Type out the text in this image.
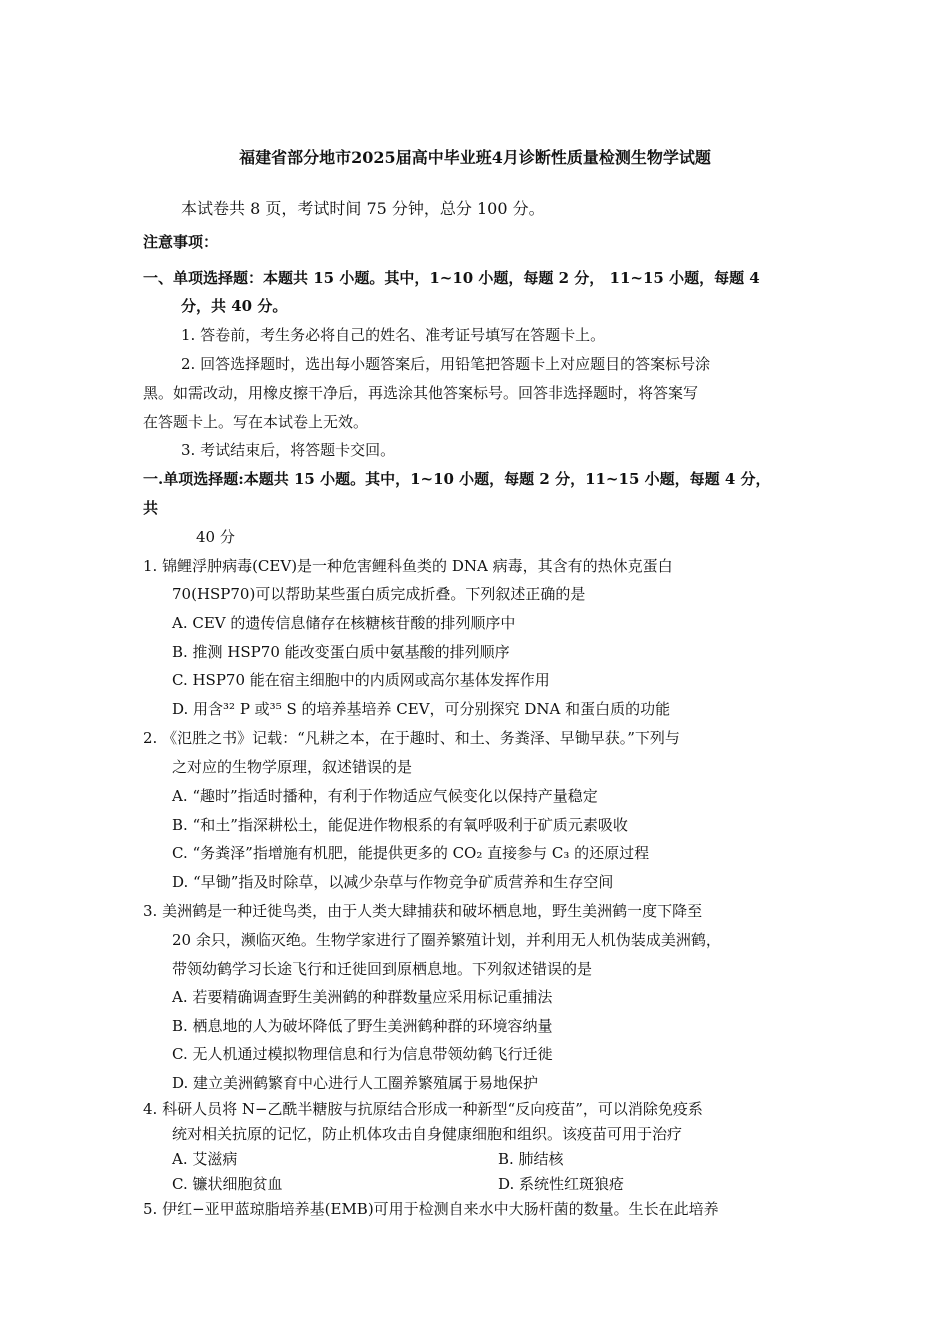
福建省部分地市2025届高中毕业班4月诊断性质量检测生物学试题
本试卷共 8 页，考试时间 75 分钟，总分 100 分。
注意事项：
一、单项选择题：本题共 15 小题。其中，1~10 小题，每题 2 分， 11~15 小题，每题 4
分，共 40 分。
1. 答卷前，考生务必将自己的姓名、准考证号填写在答题卡上。
2. 回答选择题时，选出每小题答案后，用铅笔把答题卡上对应题目的答案标号涂
黑。如需改动，用橡皮擦干净后，再选涂其他答案标号。回答非选择题时，将答案写
在答题卡上。写在本试卷上无效。
3. 考试结束后，将答题卡交回。
一.单项选择题:本题共 15 小题。其中，1~10 小题，每题 2 分，11~15 小题，每题 4 分，
共
40 分
1. 锦鲤浮肿病毒(CEV)是一种危害鲤科鱼类的 DNA 病毒，其含有的热休克蛋白
70(HSP70)可以帮助某些蛋白质完成折叠。下列叙述正确的是
A. CEV 的遗传信息储存在核糖核苷酸的排列顺序中
B. 推测 HSP70 能改变蛋白质中氨基酸的排列顺序
C. HSP70 能在宿主细胞中的内质网或高尔基体发挥作用
D. 用含³² P 或³⁵ S 的培养基培养 CEV，可分别探究 DNA 和蛋白质的功能
2. 《氾胜之书》记载：“凡耕之本，在于趣时、和土、务粪泽、早锄早获。”下列与
之对应的生物学原理，叙述错误的是
A. “趣时”指适时播种，有利于作物适应气候变化以保持产量稳定
B. “和土”指深耕松土，能促进作物根系的有氧呼吸利于矿质元素吸收
C. “务粪泽”指增施有机肥，能提供更多的 CO₂ 直接参与 C₃ 的还原过程
D. “早锄”指及时除草，以减少杂草与作物竞争矿质营养和生存空间
3. 美洲鹤是一种迁徙鸟类，由于人类大肆捕获和破坏栖息地，野生美洲鹤一度下降至
20 余只，濒临灭绝。生物学家进行了圈养繁殖计划，并利用无人机伪装成美洲鹤，
带领幼鹤学习长途飞行和迁徙回到原栖息地。下列叙述错误的是
A. 若要精确调查野生美洲鹤的种群数量应采用标记重捕法
B. 栖息地的人为破坏降低了野生美洲鹤种群的环境容纳量
C. 无人机通过模拟物理信息和行为信息带领幼鹤飞行迁徙
D. 建立美洲鹤繁育中心进行人工圈养繁殖属于易地保护
4. 科研人员将 N−乙酰半糖胺与抗原结合形成一种新型“反向疫苗”，可以消除免疫系
统对相关抗原的记忆，防止机体攻击自身健康细胞和组织。该疫苗可用于治疗
A. 艾滋病	B. 肺结核
C. 镰状细胞贫血	D. 系统性红斑狼疮
5. 伊红−亚甲蓝琼脂培养基(EMB)可用于检测自来水中大肠杆菌的数量。生长在此培养
